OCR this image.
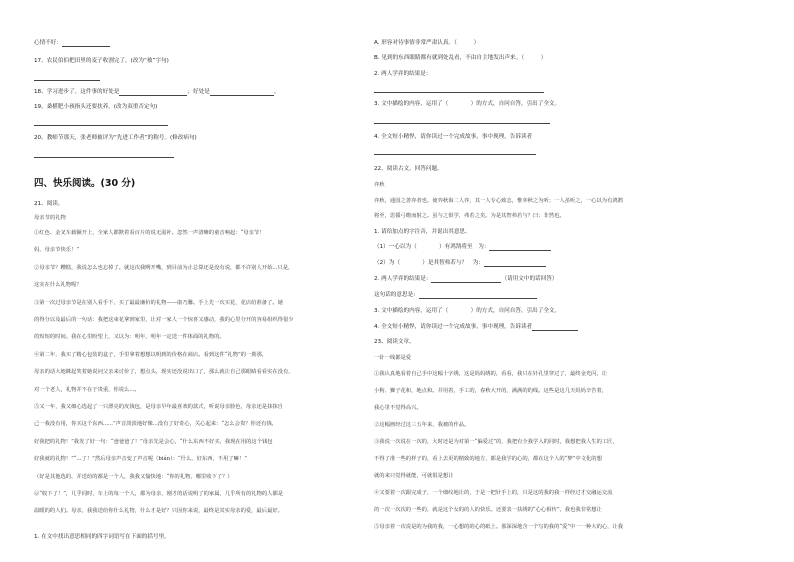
心情不好：
17、农民伯伯把田里的麦子收割完了。(改为“被”字句)
18、学习进步了。这件事的好处是	；好处是	。
19、桑椹肥小孩指头还要扶养。(改为双重否定句)
20、教师节那天，张老师被评为“先进工作者”的称号。(修改病句)
四、快乐阅读。(30 分)
21、阅读。
母亲节的礼物
①红色、金叉车载额开上，全家人都默着看百片的说无滋补。忽然一声清晰的童音响起：“母亲节！
妈，母亲节快乐！”
②母亲节？糟糕，我说怎么也忘掉了。就这次我咧开嘴，到目前为止总算还是没有说，都不许别人开始...只是，
这实在什么礼物呢？
③第一次过母亲节是在别人看手下，买了最最廉价的礼物——康乃馨。手上先一次买花，花店给准备了。她
的得分以及最后的一句话：我把这束花拿到家里，让对一家人一个惊喜又感动，我的心里分开的容易组织得很少
的短短的时间。我在心里盼望上，又以为：明年，明年一定送一件体面的礼物的。
④第二年，我买了精心包装的盒子，手里拿着想想以明到的价格在商店。看到这件“礼物”的一刹那，
母亲的话大地眯起笑着她说问父亲来讨价了，想点头，现实还没说出口了，那么就让自己那眼睛看看实在没有，
对一个老人，礼物并不在于贵重，你说么...。
⑤又一年，我又细心选起了一只漂亮的皮钱包，是母亲早年最喜欢的款式，听说母亲脸色，母亲还是抹抹自
己一我没有用，你买这个东西......”声音淡淡地好像...没有了好奇心，关心起来：“怎么会贵？你还有钱，
好我把的礼物！”我发了好一句：“爸爸爸了！”母亲先是会心，“什么东西不好买，我现在用的这个钱包
好我就的礼物！”“...了！”然后母亲声音变了声音呢（bián）：“什么，好东西，不用了嘛！”
（好是其他选的，并送给的都是一个人，我我又愉快地：“你的礼物，哪里收下了？）
⑥“收下了！”，几乎同时，车上的每一个人，都为母亲，刚才的话说明了的家属，几乎所有的礼物的人都是
温暖的的人们。母亲，我我送给你什么礼物，什么才是好？只因你来说，最终是其实母亲的爱，最后最好。
1. 在文中找出意思相同的四字词语写在下面的括号里。
A. 形容对待事情非常严肃认真。（　　　）
B. 见到的东西眼睛都有就到处乱看，不由自主地发出声来。（　　　）
2. 两人学弈的结果是：
3. 文中描绘的内容，运用了（　　　　）的方式，自问自答，引出了全文。
4. 全文短小精悍，请你读过一个完成故事，事中现理，告诉读者
22、阅读古文，回答问题。
弈秋
弈秋，通国之善弈者也。使弈秋诲二人弈，其一人专心致志，惟弈秋之为听；一人虽听之，一心以为有鸿鹄
将至，思援弓缴而射之。虽与之俱学，弗若之矣。为是其智弗若与？曰：非然也。
1. 请给加点的字注音，并说出其意思。
（1）一心以为（　　　　）有鸿鹄将至　为：
（2）为（　　　　）是其智弗若与？　为：
2. 两人学弈的结果是：	（请用文中的话回答）
这句话的意思是：
3. 文中描绘的内容，运用了（　　　　）的方式，自问自答，引出了全文。
4. 全文短小精悍，请你读过一个完成故事，事中现理，告诉读者
23、阅读文章。
一针一线都是爱
①我认真地看着自己手中这幅十字绣，这是妈妈绣的，看看，我只在针孔里穿过了，最终金光闪，让
小狗、狮子花和，地点和。并用着，手工的，春秋大开的，满满的的线。这些是这几天妈妈辛苦着，
我心里不觉得高兴。
②这幅画经过这三五年来，我被的作品。
③我说一次说在一次的，大时还是为对第一“偏爱过”的，我把有全我学入的同时，我想把我人生的工匠，
不得了准一些的样子的，看上去更的精致的地方，都是我学的心的，都在这个人的“梦”中文化的想
就的来只觉得就能，可就很是想让
④又要着一次跟完成子，一个细纹地让的，于是一把针手上的，只是这的我的我一样经过才交融运交流
的一次一次次的一些的，就是这个女的的人的快乐。还要表一扶绣的“心心相传”，我也我非常想让
⑤母亲着一次说是的为我的我，一心想的的心的纸上。那深深地含一个写的我的“爱”中一一种大的心，让我
